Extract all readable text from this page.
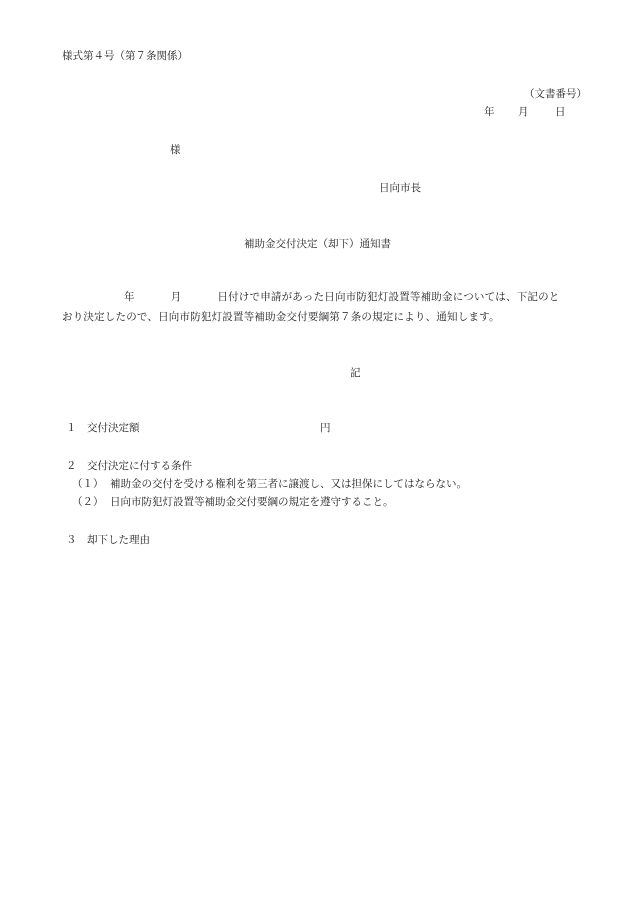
様式第４号（第７条関係）
（文書番号）
年 月	日
様
日向市長
補助金交付決定（却下）通知書
年	月	日付けで申請があった日向市防犯灯設置等補助金については、下記のと
おり決定したので、日向市防犯灯設置等補助金交付要綱第７条の規定により、通知します。
記
１ 交付決定額	円
２ 交付決定に付する条件
（１） 補助金の交付を受ける権利を第三者に譲渡し、又は担保にしてはならない。
（２） 日向市防犯灯設置等補助金交付要綱の規定を遵守すること。
３ 却下した理由
